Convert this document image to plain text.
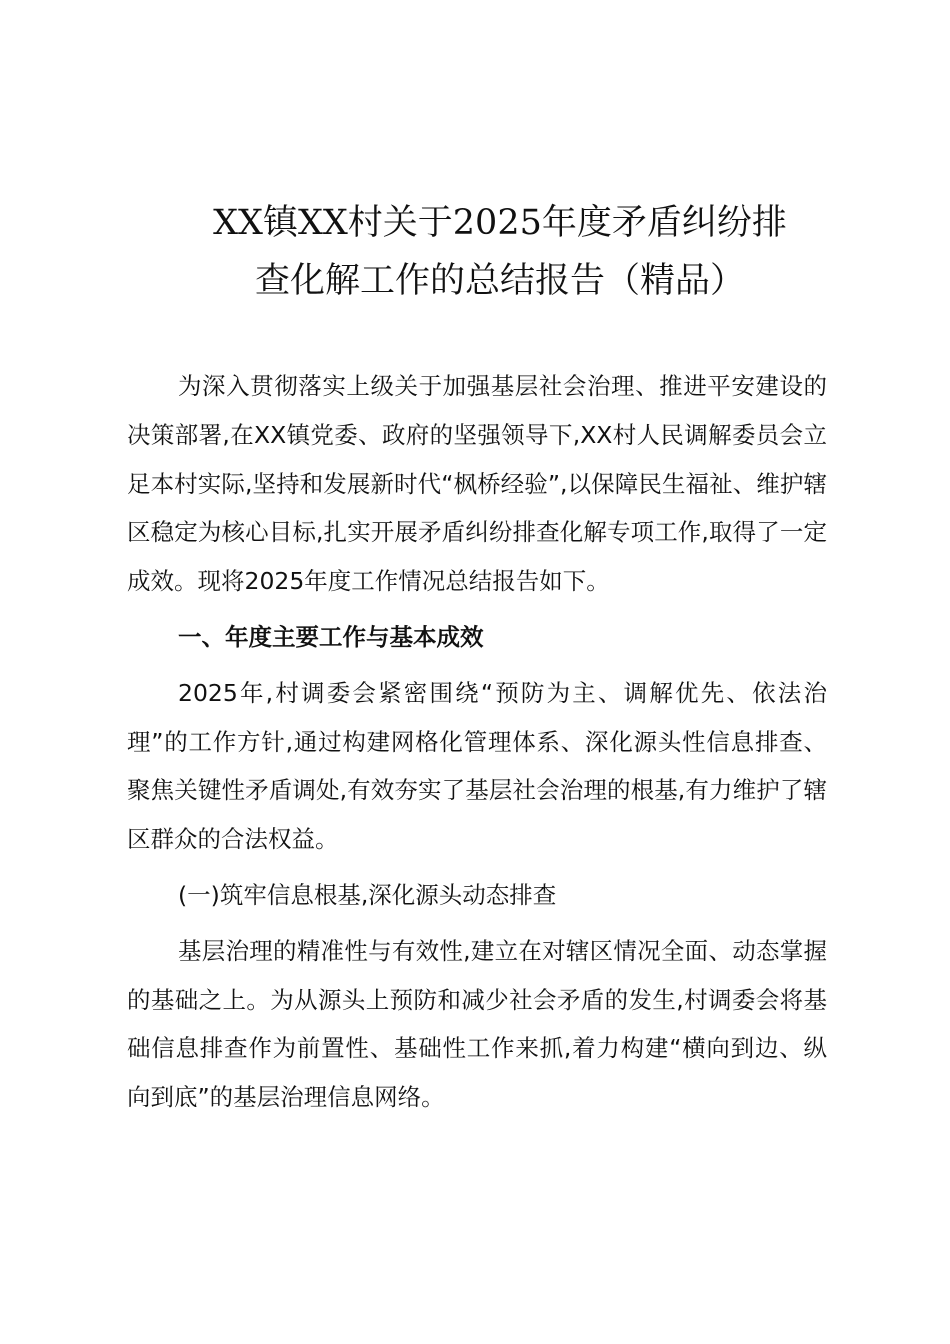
XX镇XX村关于2025年度矛盾纠纷排
查化解工作的总结报告（精品）

为深入贯彻落实上级关于加强基层社会治理、推进平安建设的决策部署,在XX镇党委、政府的坚强领导下,XX村人民调解委员会立足本村实际,坚持和发展新时代“枫桥经验”,以保障民生福祉、维护辖区稳定为核心目标,扎实开展矛盾纠纷排查化解专项工作,取得了一定成效。现将2025年度工作情况总结报告如下。

一、年度主要工作与基本成效

2025年,村调委会紧密围绕“预防为主、调解优先、依法治理”的工作方针,通过构建网格化管理体系、深化源头性信息排查、聚焦关键性矛盾调处,有效夯实了基层社会治理的根基,有力维护了辖区群众的合法权益。

(一)筑牢信息根基,深化源头动态排查

基层治理的精准性与有效性,建立在对辖区情况全面、动态掌握的基础之上。为从源头上预防和减少社会矛盾的发生,村调委会将基础信息排查作为前置性、基础性工作来抓,着力构建“横向到边、纵向到底”的基层治理信息网络。
